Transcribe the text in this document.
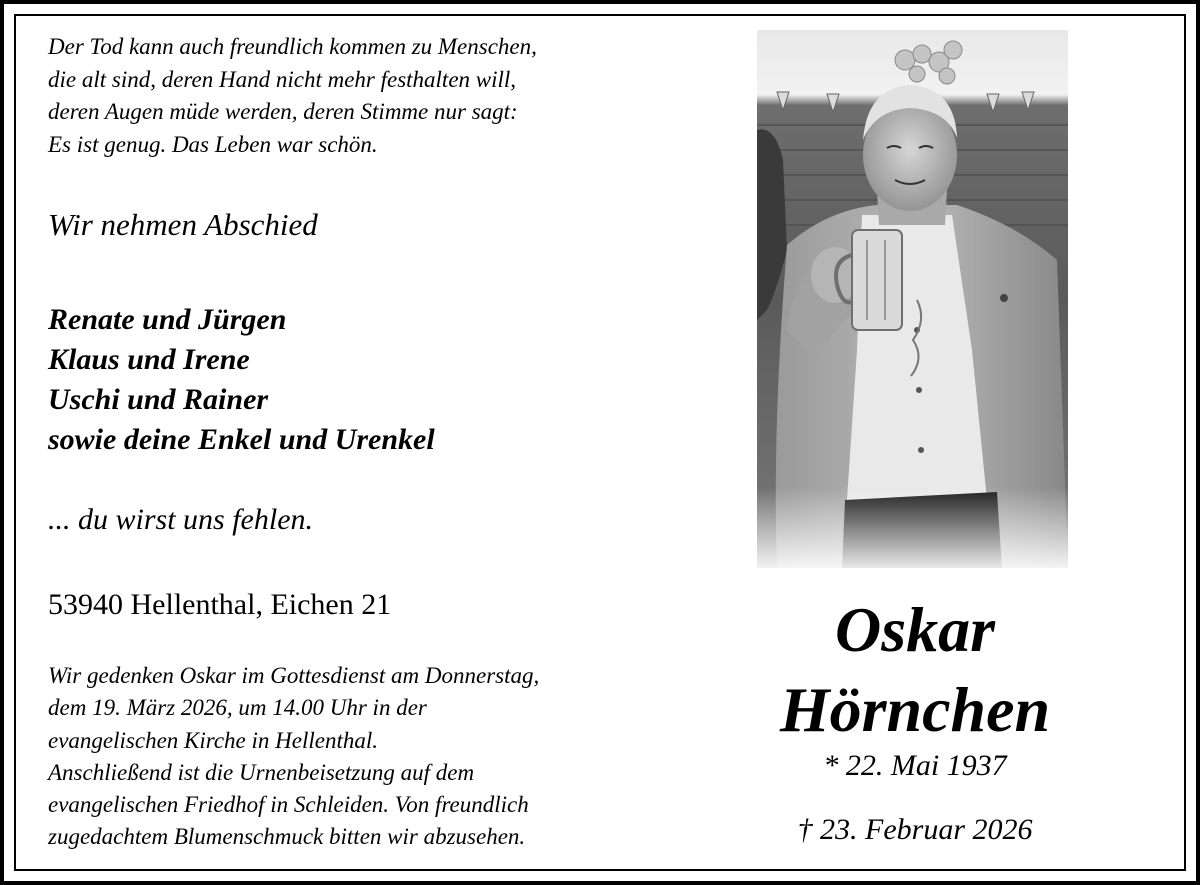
Der Tod kann auch freundlich kommen zu Menschen,
die alt sind, deren Hand nicht mehr festhalten will,
deren Augen müde werden, deren Stimme nur sagt:
Es ist genug. Das Leben war schön.
Wir nehmen Abschied
Renate und Jürgen
Klaus und Irene
Uschi und Rainer
sowie deine Enkel und Urenkel
... du wirst uns fehlen.
53940 Hellenthal, Eichen 21
Wir gedenken Oskar im Gottesdienst am Donnerstag,
dem 19. März 2026, um 14.00 Uhr in der
evangelischen Kirche in Hellenthal.
Anschließend ist die Urnenbeisetzung auf dem
evangelischen Friedhof in Schleiden. Von freundlich
zugedachtem Blumenschmuck bitten wir abzusehen.
Oskar
Hörnchen
* 22. Mai 1937
† 23. Februar 2026
